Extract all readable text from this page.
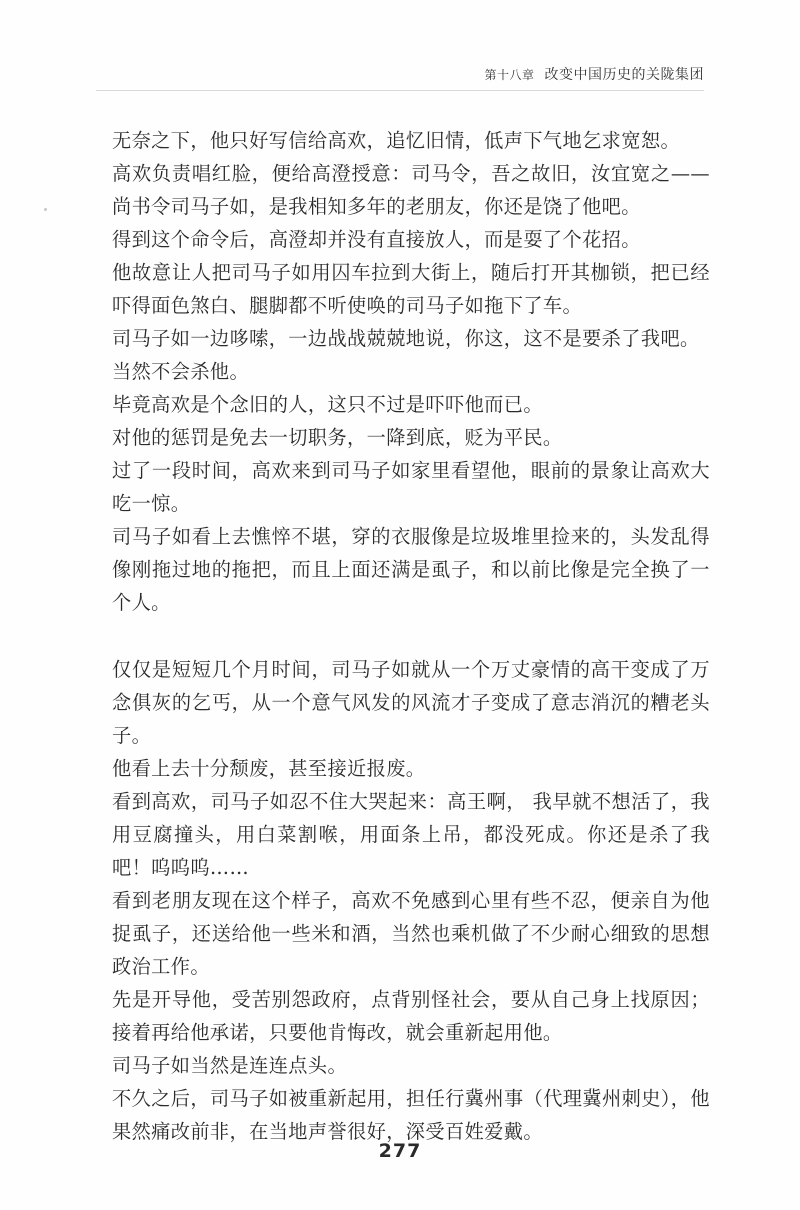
第十八章 改变中国历史的关陇集团

无奈之下，他只好写信给高欢，追忆旧情，低声下气地乞求宽恕。

高欢负责唱红脸，便给高澄授意：司马令，吾之故旧，汝宜宽之——尚书令司马子如，是我相知多年的老朋友，你还是饶了他吧。

得到这个命令后，高澄却并没有直接放人，而是耍了个花招。

他故意让人把司马子如用囚车拉到大街上，随后打开其枷锁，把已经吓得面色煞白、腿脚都不听使唤的司马子如拖下了车。

司马子如一边哆嗦，一边战战兢兢地说，你这，这不是要杀了我吧。

当然不会杀他。

毕竟高欢是个念旧的人，这只不过是吓吓他而已。

对他的惩罚是免去一切职务，一降到底，贬为平民。

过了一段时间，高欢来到司马子如家里看望他，眼前的景象让高欢大吃一惊。

司马子如看上去憔悴不堪，穿的衣服像是垃圾堆里捡来的，头发乱得像刚拖过地的拖把，而且上面还满是虱子，和以前比像是完全换了一个人。

仅仅是短短几个月时间，司马子如就从一个万丈豪情的高干变成了万念俱灰的乞丐，从一个意气风发的风流才子变成了意志消沉的糟老头子。

他看上去十分颓废，甚至接近报废。

看到高欢，司马子如忍不住大哭起来：高王啊， 我早就不想活了，我用豆腐撞头，用白菜割喉，用面条上吊，都没死成。你还是杀了我吧！呜呜呜……

看到老朋友现在这个样子，高欢不免感到心里有些不忍，便亲自为他捉虱子，还送给他一些米和酒，当然也乘机做了不少耐心细致的思想政治工作。

先是开导他，受苦别怨政府，点背别怪社会，要从自己身上找原因；接着再给他承诺，只要他肯悔改，就会重新起用他。

司马子如当然是连连点头。

不久之后，司马子如被重新起用，担任行冀州事（代理冀州刺史），他果然痛改前非，在当地声誉很好，深受百姓爱戴。

277
